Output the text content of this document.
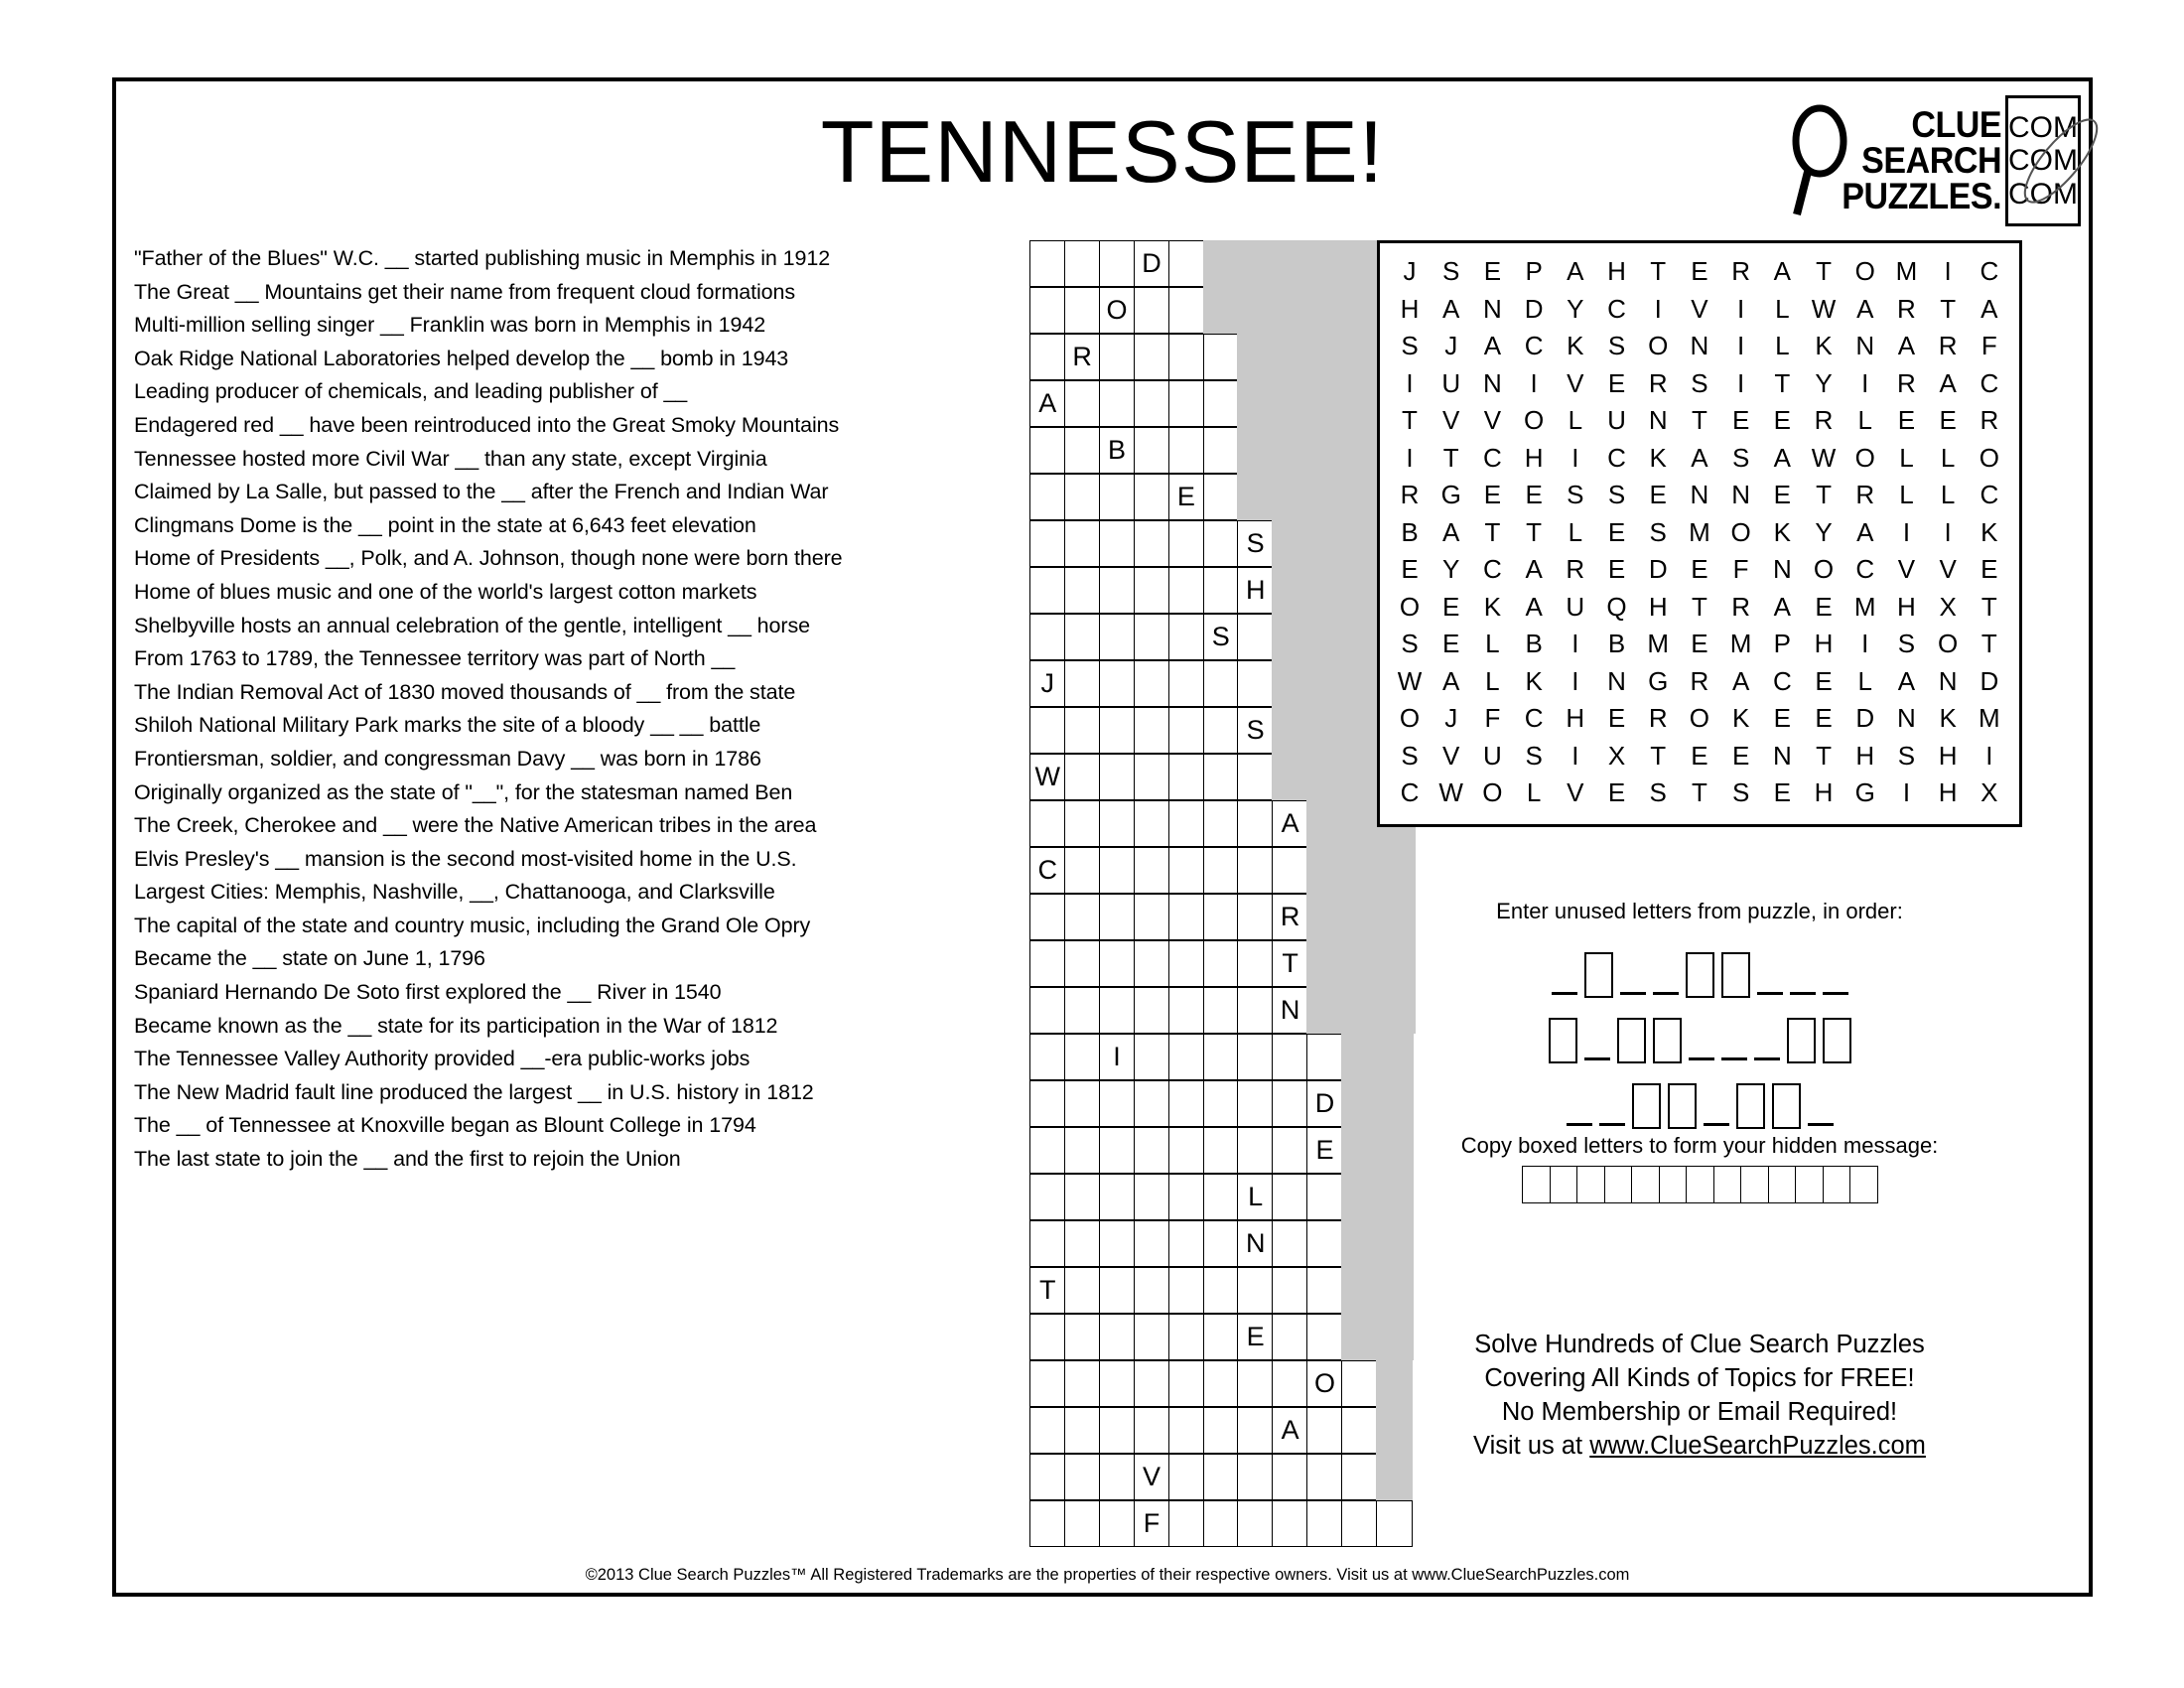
TENNESSEE!	CLUE
SEARCH
PUZZLES.
C O M
C O M
C O M
"Father of the Blues" W.C. __ started publishing music in Memphis in 1912
The Great __ Mountains get their name from frequent cloud formations
Multi-million selling singer __ Franklin was born in Memphis in 1942
Oak Ridge National Laboratories helped develop the __ bomb in 1943
Leading producer of chemicals, and leading publisher of __
Endagered red __ have been reintroduced into the Great Smoky Mountains
Tennessee hosted more Civil War __ than any state, except Virginia
Claimed by La Salle, but passed to the __ after the French and Indian War
Clingmans Dome is the __ point in the state at 6,643 feet elevation
Home of Presidents __, Polk, and A. Johnson, though none were born there
Home of blues music and one of the world's largest cotton markets
Shelbyville hosts an annual celebration of the gentle, intelligent __ horse
From 1763 to 1789, the Tennessee territory was part of North __
The Indian Removal Act of 1830 moved thousands of __ from the state
Shiloh National Military Park marks the site of a bloody __ __ battle
Frontiersman, soldier, and congressman Davy __ was born in 1786
Originally organized as the state of "__", for the statesman named Ben
The Creek, Cherokee and __ were the Native American tribes in the area
Elvis Presley's __ mansion is the second most-visited home in the U.S.
Largest Cities: Memphis, Nashville, __, Chattanooga, and Clarksville
The capital of the state and country music, including the Grand Ole Opry
Became the __ state on June 1, 1796
Spaniard Hernando De Soto first explored the __ River in 1540
Became known as the __ state for its participation in the War of 1812
The Tennessee Valley Authority provided __-era public-works jobs
The New Madrid fault line produced the largest __ in U.S. history in 1812
The __ of Tennessee at Knoxville began as Blount College in 1794
The last state to join the __ and the first to rejoin the Union
D
O
R
A
B
E
S
H
S
J
S
W
A
C
R
T
N
I
D
E
L
N
T
E
O
A
V
F
J	S E P A H T E R A T O M	I	C
H A N D Y C	I	V	I	L W A R T A
S	J	A C K S O N	I	L K N A R F
I	U N	I	V E R S	I	T Y	I	R A C
T V V O L U N T E E R L E E R
I	T C H	I	C K A S A W O L	L O
R G E E S S E N N E T R L	L C
B A T T	L E S M O K Y A	I	I	K
E Y C A R E D E F N O C V V E
O E K A U Q H T R A E M H X T
S E L B	I	B M E M P H	I	S O T
W A L K	I	N G R A C E L A N D
O J	F C H E R O K E E D N K M
S V U S	I	X T E E N T H S H	I
C W O L V E S T S E H G	I	H X
Enter unused letters from puzzle, in order:
Copy boxed letters to form your hidden message:
Solve Hundreds of Clue Search Puzzles
Covering All Kinds of Topics for FREE!
No Membership or Email Required!
Visit us at www.ClueSearchPuzzles.com
©2013 Clue Search Puzzles™ All Registered Trademarks are the properties of their respective owners. Visit us at www.ClueSearchPuzzles.com
